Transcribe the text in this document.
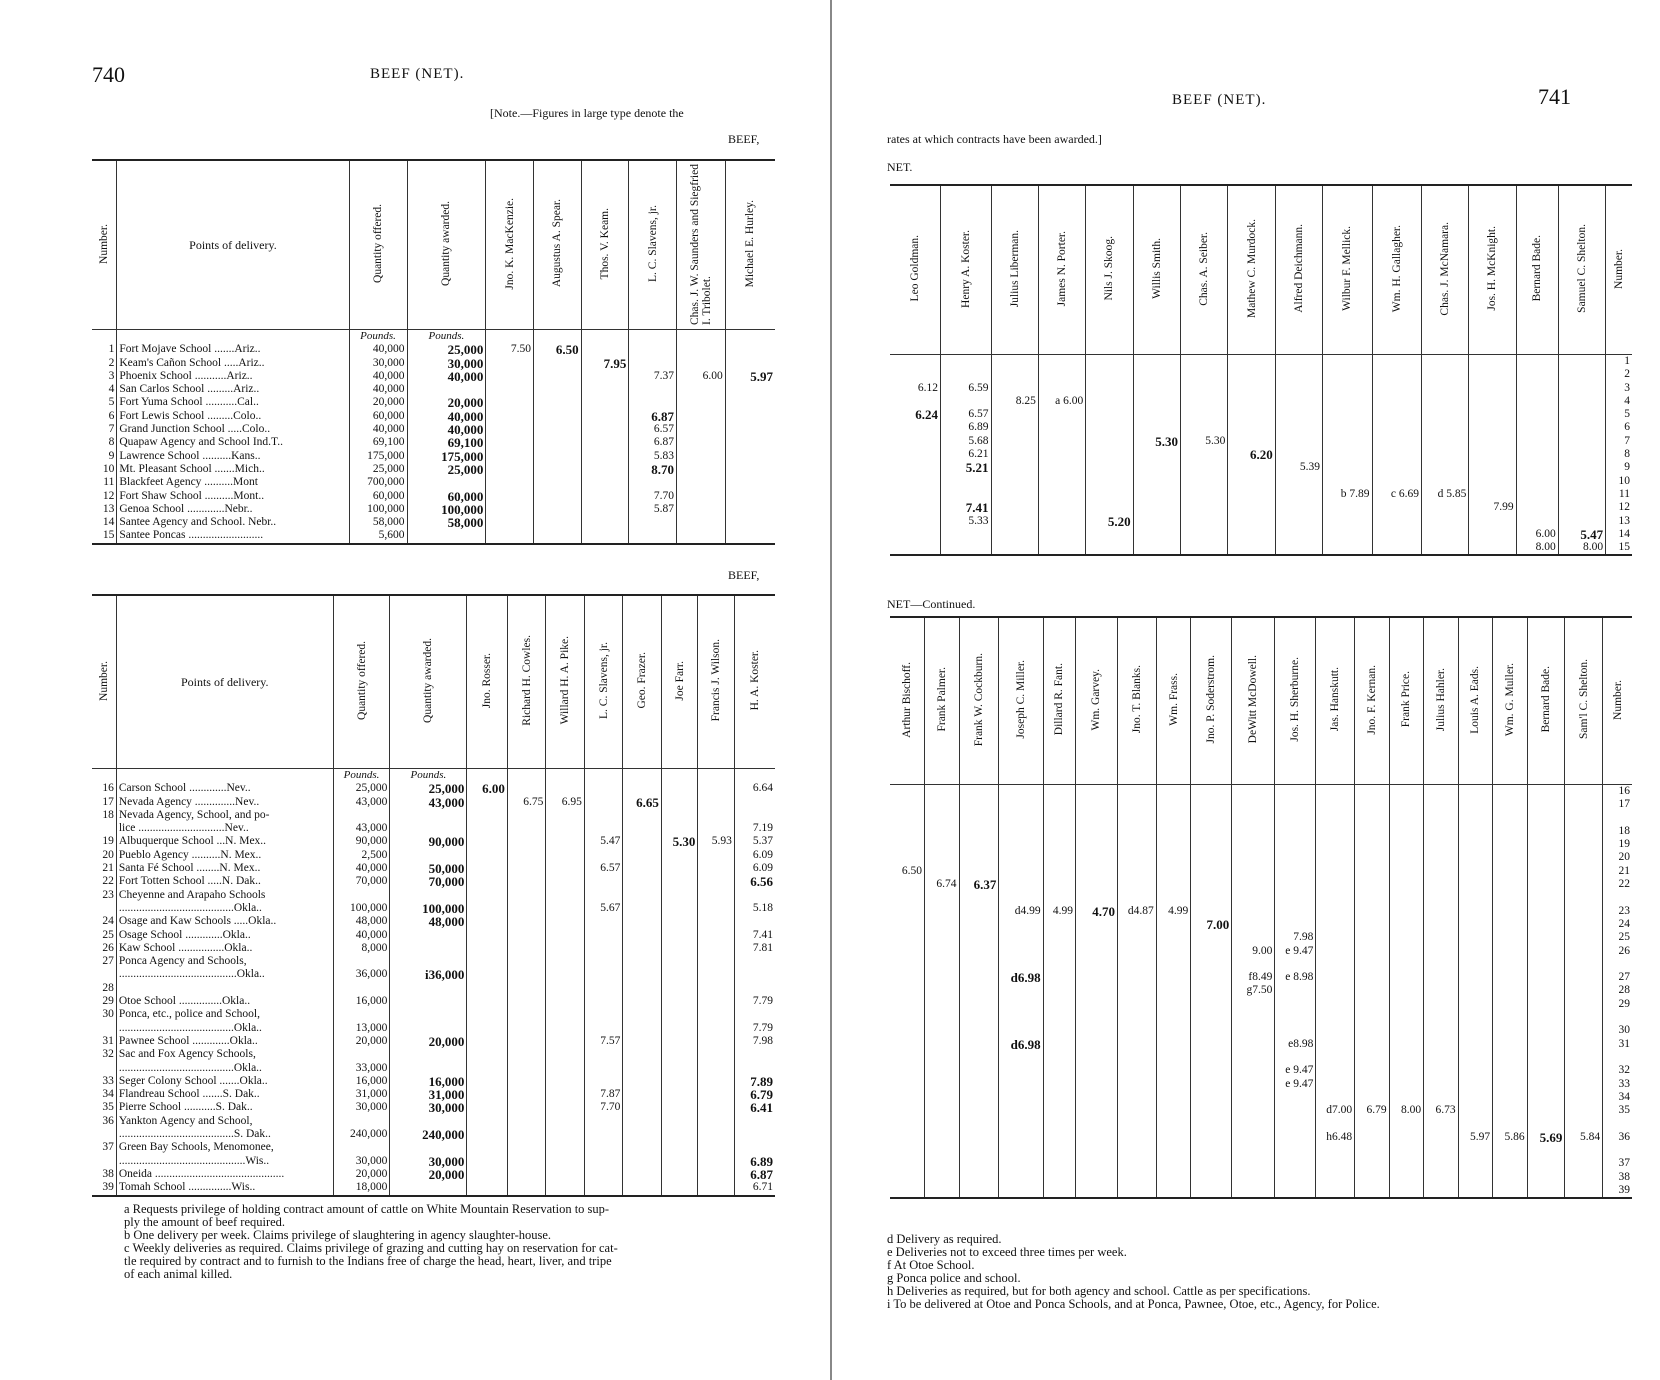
740	BEEF (NET).
[Note.—Figures in large type denote the
BEEF,
Number.	Points of delivery.	Quantity offered.	Quantity awarded.	Jno. K. MacKenzie.	Augustus A. Spear.	Thos. V. Keam.	L. C. Slavens, jr.	Chas. J. W. Saunders and Siegfried I. Tribolet.	Michael E. Hurley.
		Pounds.	Pounds.						
1	Fort Mojave School .......Ariz..	40,000	25,000	7.50	6.50				
2	Keam's Cañon School .....Ariz..	30,000	30,000			7.95			
3	Phoenix School ...........Ariz..	40,000	40,000				7.37	6.00	5.97
4	San Carlos School .........Ariz..	40,000							
5	Fort Yuma School ...........Cal..	20,000	20,000						
6	Fort Lewis School .........Colo..	60,000	40,000				6.87		
7	Grand Junction School .....Colo..	40,000	40,000				6.57		
8	Quapaw Agency and School Ind.T..	69,100	69,100				6.87		
9	Lawrence School ..........Kans..	175,000	175,000				5.83		
10	Mt. Pleasant School .......Mich..	25,000	25,000				8.70		
11	Blackfeet Agency ..........Mont	700,000							
12	Fort Shaw School ..........Mont..	60,000	60,000				7.70		
13	Genoa School .............Nebr..	100,000	100,000				5.87		
14	Santee Agency and School. Nebr..	58,000	58,000						
15	Santee Poncas ..........................	5,600							
BEEF,
Number.	Points of delivery.	Quantity offered.	Quantity awarded.	Jno. Rosser.	Richard H. Cowles.	Willard H. A. Pike.	L. C. Slavens, jr.	Geo. Frazer.	Joe Farr.	Francis J. Wilson.	H. A. Koster.
		Pounds.	Pounds.								
16	Carson School .............Nev..	25,000	25,000	6.00							6.64
17	Nevada Agency ..............Nev..	43,000	43,000		6.75	6.95		6.65			
18	Nevada Agency, School, and po-										
	lice ..............................Nev..	43,000									7.19
19	Albuquerque School ...N. Mex..	90,000	90,000				5.47		5.30	5.93	5.37
20	Pueblo Agency ..........N. Mex..	2,500									6.09
21	Santa Fé School ........N. Mex..	40,000	50,000				6.57				6.09
22	Fort Totten School .....N. Dak..	70,000	70,000								6.56
23	Cheyenne and Arapaho Schools										
	........................................Okla..	100,000	100,000				5.67				5.18
24	Osage and Kaw Schools .....Okla..	48,000	48,000								
25	Osage School .............Okla..	40,000									7.41
26	Kaw School ................Okla..	8,000									7.81
27	Ponca Agency and Schools,										
	.........................................Okla..	36,000	i36,000								
28											
29	Otoe School ...............Okla..	16,000									7.79
30	Ponca, etc., police and School,										
	........................................Okla..	13,000									7.79
31	Pawnee School .............Okla..	20,000	20,000				7.57				7.98
32	Sac and Fox Agency Schools,										
	........................................Okla..	33,000									
33	Seger Colony School .......Okla..	16,000	16,000								7.89
34	Flandreau School .......S. Dak..	31,000	31,000				7.87				6.79
35	Pierre School ...........S. Dak..	30,000	30,000				7.70				6.41
36	Yankton Agency and School,										
	........................................S. Dak..	240,000	240,000								
37	Green Bay Schools, Menomonee,										
	............................................Wis..	30,000	30,000								6.89
38	Oneida .............................................	20,000	20,000								6.87
39	Tomah School ...............Wis..	18,000									6.71
a Requests privilege of holding contract amount of cattle on White Mountain Reservation to sup-
ply the amount of beef required.
b One delivery per week. Claims privilege of slaughtering in agency slaughter-house.
c Weekly deliveries as required. Claims privilege of grazing and cutting hay on reservation for cat-
tle required by contract and to furnish to the Indians free of charge the head, heart, liver, and tripe
of each animal killed.
BEEF (NET).	741
rates at which contracts have been awarded.]
NET.
Leo Goldman.	Henry A. Koster.	Julius Liberman.	James N. Porter.	Nils J. Skoog.	Willis Smith.	Chas. A. Seiber.	Mathew C. Murdock.	Alfred Deichmann.	Wilbur F. Mellick.	Wm. H. Gallagher.	Chas. J. McNamara.	Jos. H. McKnight.	Bernard Bade.	Samuel C. Shelton.	Number.
															1
															2
6.12	6.59														3
		8.25	a 6.00												4
6.24	6.57														5
	6.89														6
	5.68				5.30	5.30									7
	6.21						6.20								8
	5.21							5.39							9
															10
									b 7.89	c 6.69	d 5.85				11
	7.41											7.99			12
	5.33			5.20											13
													6.00	5.47	14
													8.00	8.00	15
NET—Continued.
Arthur Bischoff.	Frank Palmer.	Frank W. Cockburn.	Joseph C. Miller.	Dillard R. Fant.	Wm. Garvey.	Jno. T. Blanks.	Wm. Frass.	Jno. P. Soderstrom.	DeWitt McDowell.	Jos. H. Sherburne.	Jas. Hanskutt.	Jno. F. Kernan.	Frank Price.	Julius Hahler.	Louis A. Eads.	Wm. G. Muller.	Bernard Bade.	Sam'l C. Shelton.	Number.
																			16
																			17

																			18
																			19
																			20
6.50																			21
	6.74	6.37																	22

			d4.99	4.99	4.70	d4.87	4.99												23
								7.00											24
										7.98									25
									9.00	e 9.47									26

			d6.98						f8.49	e 8.98									27
									g7.50										28
																			29

																			30
			d6.98							e8.98									31

										e 9.47									32
										e 9.47									33
																			34
											d7.00	6.79	8.00	6.73					35

											h6.48				5.97	5.86	5.69	5.84	36

																			37
																			38
																			39
d Delivery as required.
e Deliveries not to exceed three times per week.
f At Otoe School.
g Ponca police and school.
h Deliveries as required, but for both agency and school. Cattle as per specifications.
i To be delivered at Otoe and Ponca Schools, and at Ponca, Pawnee, Otoe, etc., Agency, for Police.
